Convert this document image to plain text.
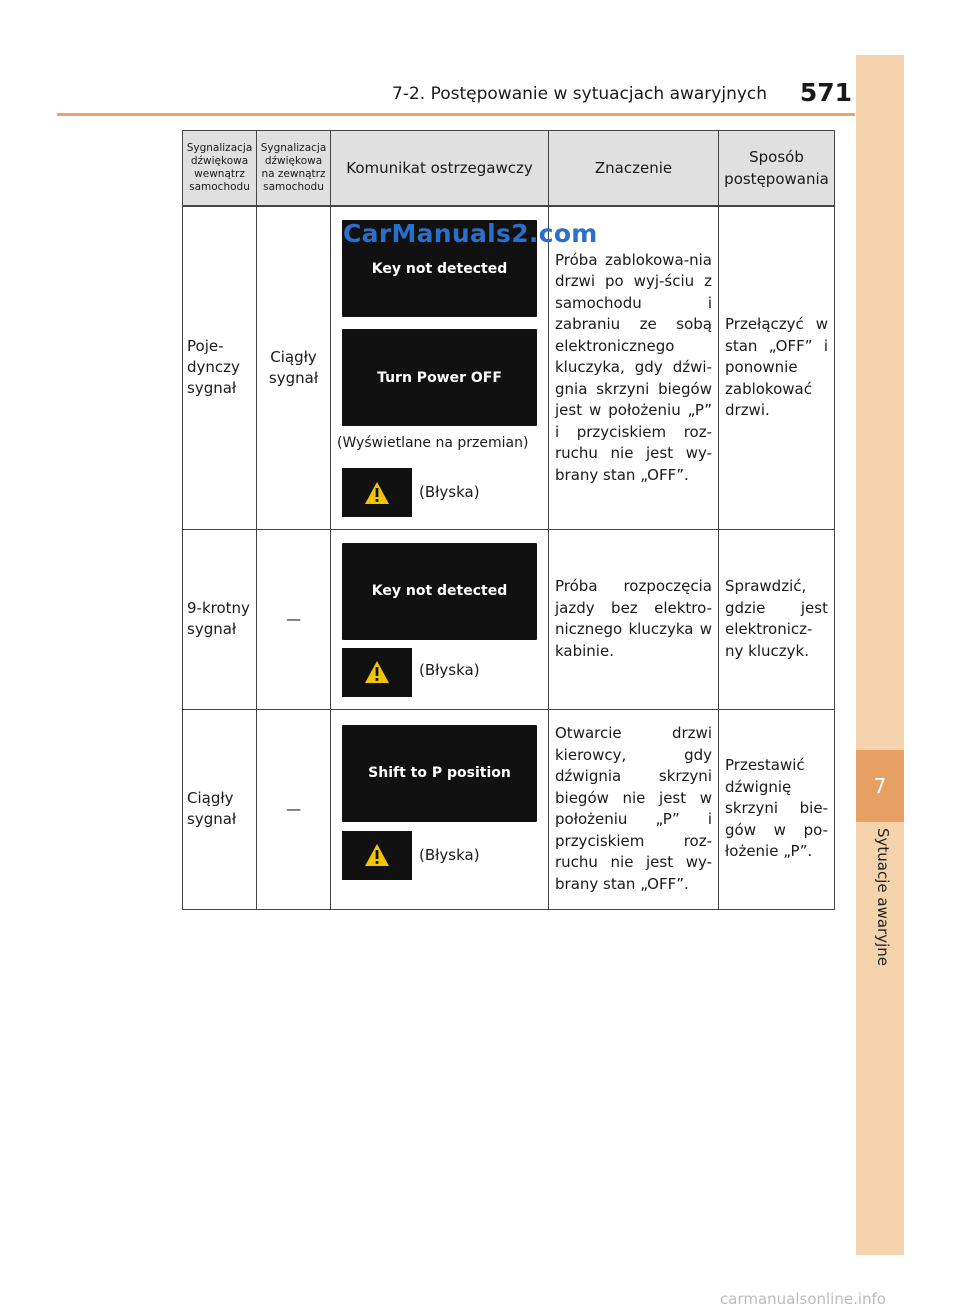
7
Sytuacje awaryjne
7-2. Postępowanie w sytuacjach awaryjnych 571
Sygnalizacja dźwiękowa wewnątrz samochodu	Sygnalizacja dźwiękowa na zewnątrz samochodu	Komunikat ostrzegawczy	Znaczenie	Sposób postępowania
Poje-dynczy sygnał	Ciągły sygnał	Key not detected
Turn Power OFF
(Wyświetlane na przemian)
(Błyska)	Próba zablokowa-nia drzwi po wyj-ściu z samochodu i zabraniu ze sobą elektronicznego kluczyka, gdy dźwi-gnia skrzyni biegów jest w położeniu „P” i przyciskiem roz-ruchu nie jest wy-brany stan „OFF”.	Przełączyć w stan „OFF” i ponownie zablokować drzwi.
9-krotny sygnał	—	Key not detected
(Błyska)	Próba rozpoczęcia jazdy bez elektro-nicznego kluczyka w kabinie.	Sprawdzić, gdzie jest elektronicz-ny kluczyk.
Ciągły sygnał	—	Shift to P position
(Błyska)	Otwarcie drzwi kierowcy, gdy dźwignia skrzyni biegów nie jest w położeniu „P” i przyciskiem roz-ruchu nie jest wy-brany stan „OFF”.	Przestawić dźwignię skrzyni bie-gów w po-łożenie „P”.
CarManuals2.com
carmanualsonline.info
